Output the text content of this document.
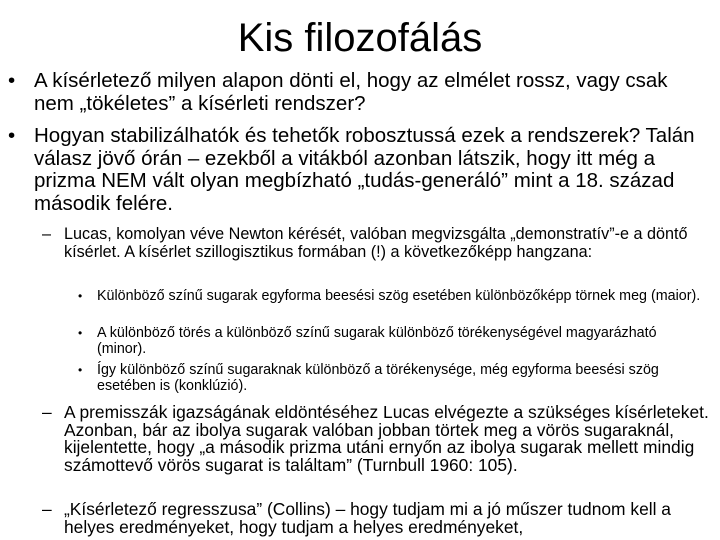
Kis filozofálás
• A kísérletező milyen alapon dönti el, hogy az elmélet rossz, vagy csak nem „tökéletes” a kísérleti rendszer?
• Hogyan stabilizálhatók és tehetők robosztussá ezek a rendszerek? Talán válasz jövő órán – ezekből a vitákból azonban látszik, hogy itt még a prizma NEM vált olyan megbízható „tudás-generáló” mint a 18. század második felére.
– Lucas, komolyan véve Newton kérését, valóban megvizsgálta „demonstratív”-e a döntő kísérlet. A kísérlet szillogisztikus formában (!) a következőképp hangzana:
• Különböző színű sugarak egyforma beesési szög esetében különbözőképp törnek meg (maior).
• A különböző törés a különböző színű sugarak különböző törékenységével magyarázható (minor).
• Így különböző színű sugaraknak különböző a törékenysége, még egyforma beesési szög esetében is (konklúzió).
– A premisszák igazságának eldöntéséhez Lucas elvégezte a szükséges kísérleteket. Azonban, bár az ibolya sugarak valóban jobban törtek meg a vörös sugaraknál, kijelentette, hogy „a második prizma utáni ernyőn az ibolya sugarak mellett mindig számottevő vörös sugarat is találtam” (Turnbull 1960: 105).
– „Kísérletező regresszusa” (Collins) – hogy tudjam mi a jó műszer tudnom kell a helyes eredményeket, hogy tudjam a helyes eredményeket,
